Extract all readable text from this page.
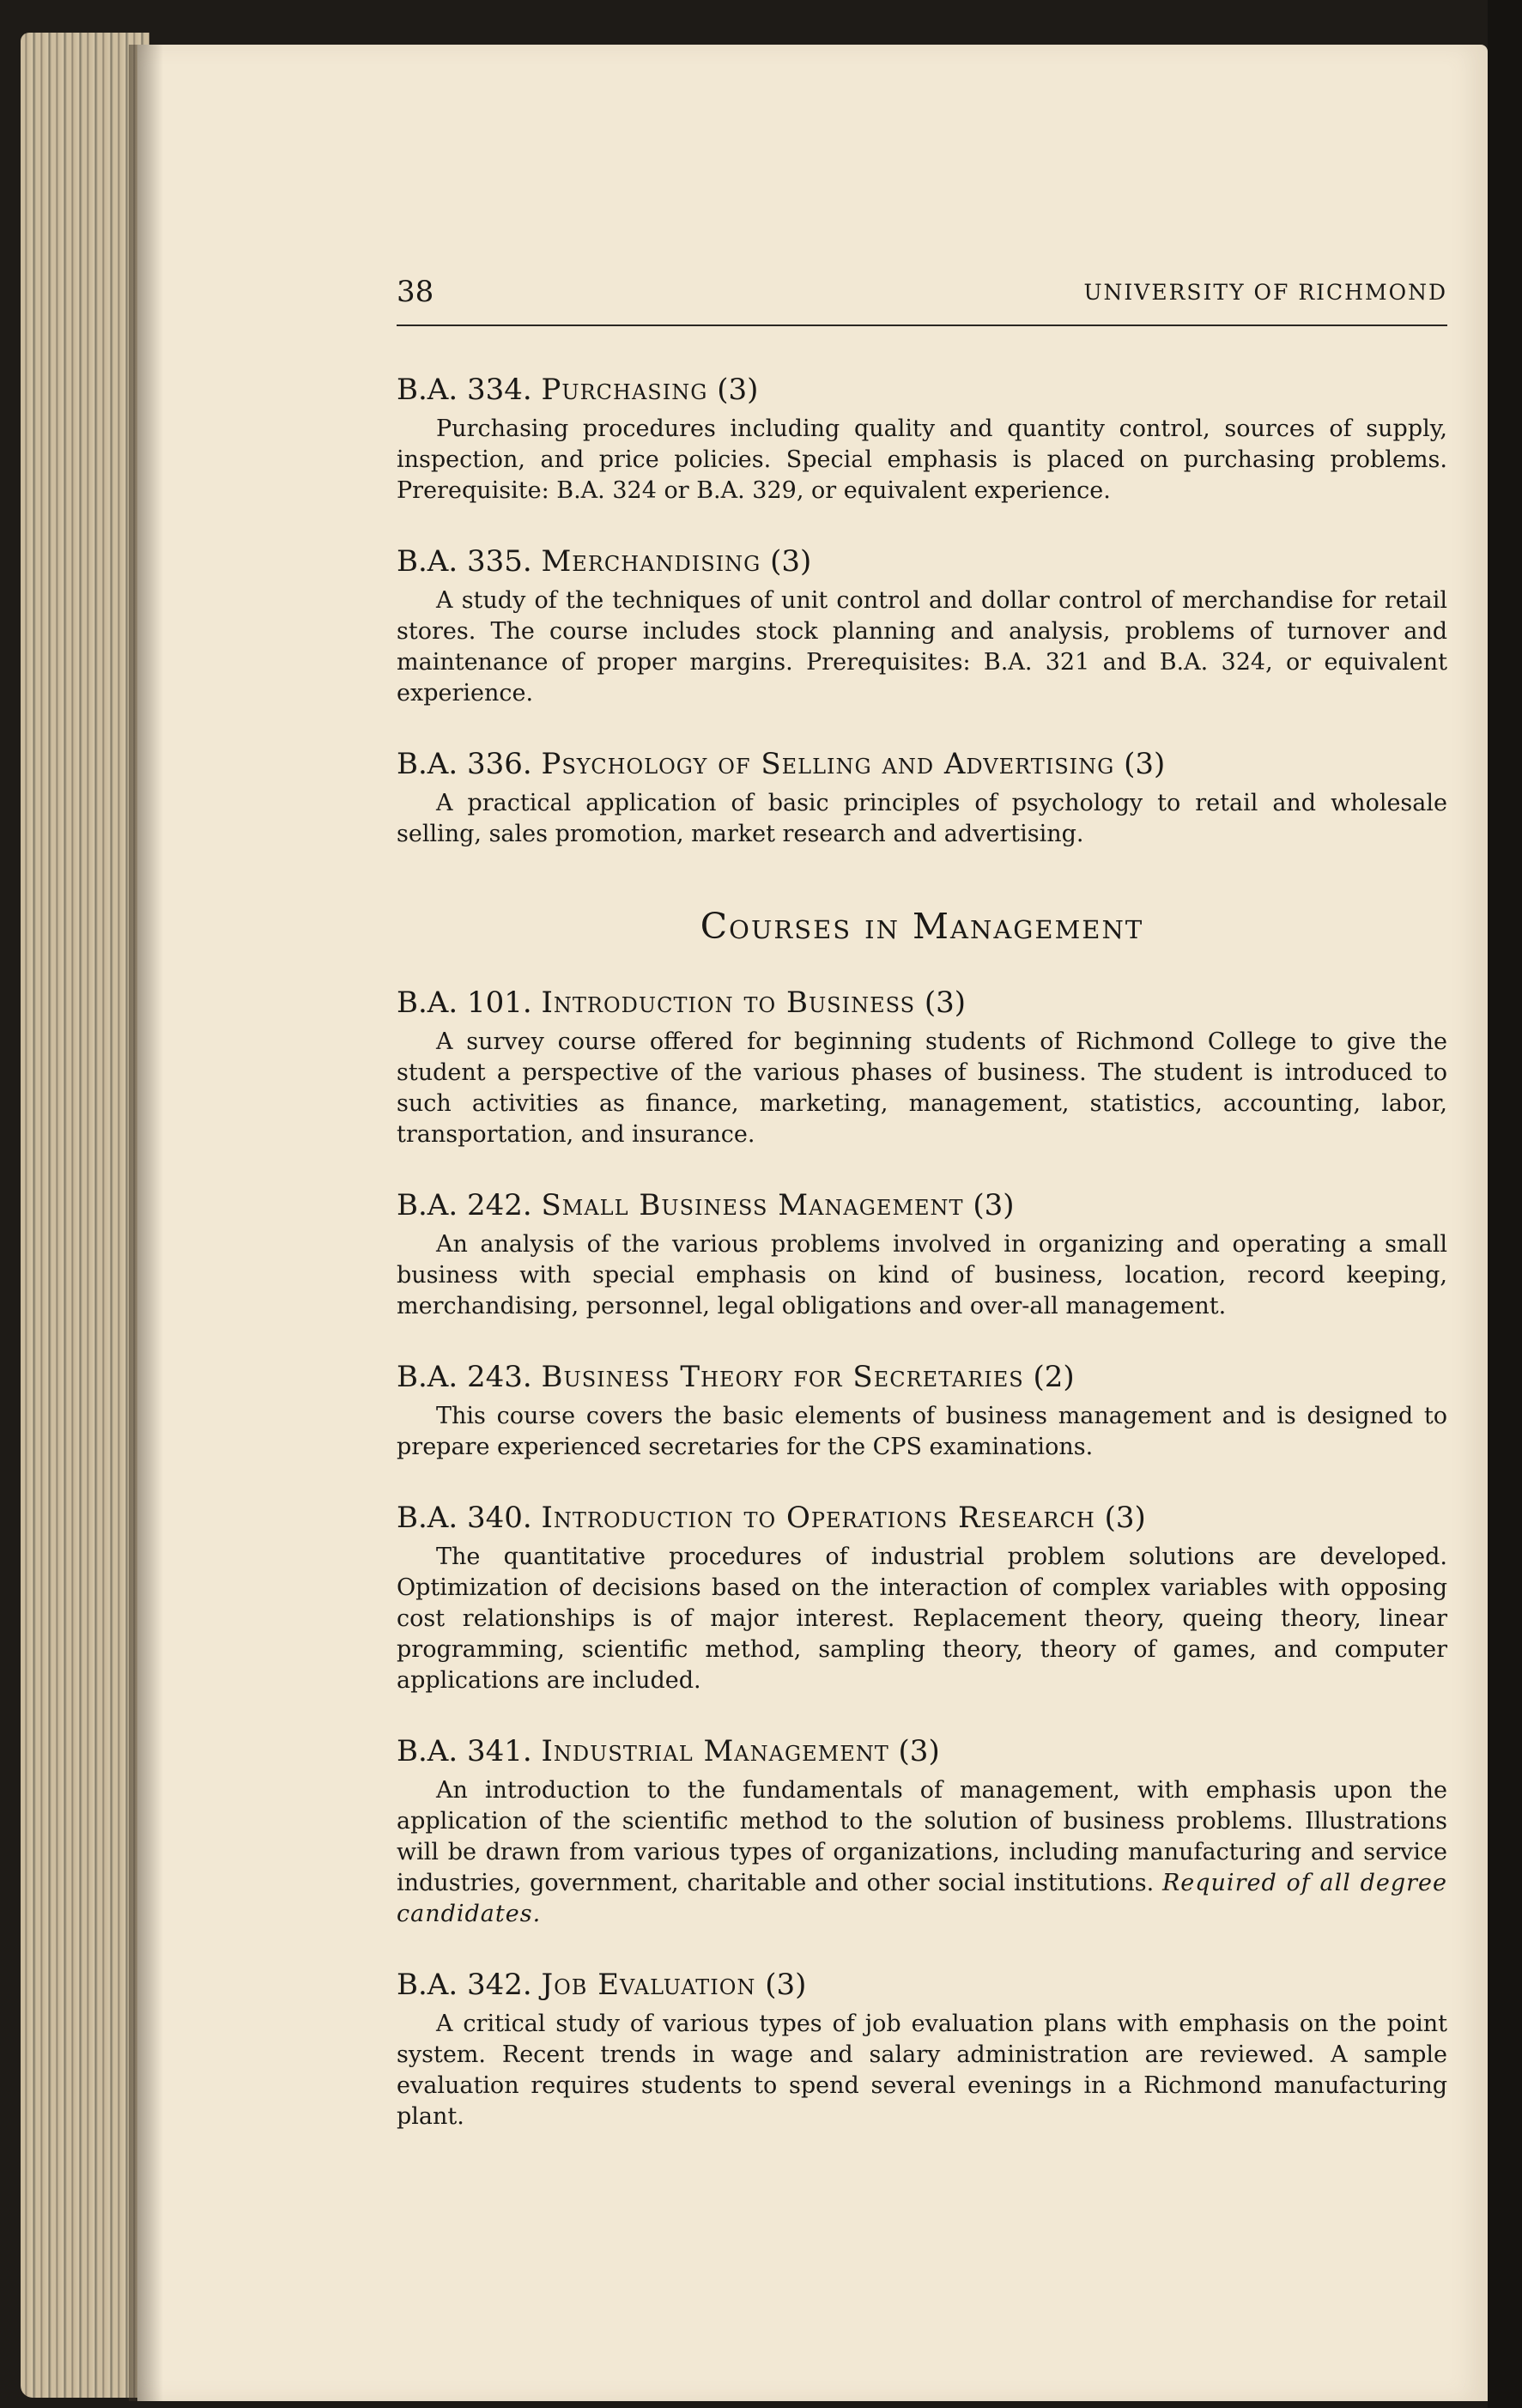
38	UNIVERSITY OF RICHMOND
B.A. 334. Purchasing (3)

Purchasing procedures including quality and quantity control, sources of supply, inspection, and price policies. Special emphasis is placed on purchasing problems. Prerequisite: B.A. 324 or B.A. 329, or equivalent experience.

B.A. 335. Merchandising (3)

A study of the techniques of unit control and dollar control of merchandise for retail stores. The course includes stock planning and analysis, problems of turnover and maintenance of proper margins. Prerequisites: B.A. 321 and B.A. 324, or equivalent experience.

B.A. 336. Psychology of Selling and Advertising (3)

A practical application of basic principles of psychology to retail and wholesale selling, sales promotion, market research and advertising.

Courses in Management
B.A. 101. Introduction to Business (3)

A survey course offered for beginning students of Richmond College to give the student a perspective of the various phases of business. The student is introduced to such activities as finance, marketing, management, statistics, accounting, labor, transportation, and insurance.

B.A. 242. Small Business Management (3)

An analysis of the various problems involved in organizing and operating a small business with special emphasis on kind of business, location, record keeping, merchandising, personnel, legal obligations and over-all management.

B.A. 243. Business Theory for Secretaries (2)

This course covers the basic elements of business management and is designed to prepare experienced secretaries for the CPS examinations.

B.A. 340. Introduction to Operations Research (3)

The quantitative procedures of industrial problem solutions are developed. Optimization of decisions based on the interaction of complex variables with opposing cost relationships is of major interest. Replacement theory, queing theory, linear programming, scientific method, sampling theory, theory of games, and computer applications are included.

B.A. 341. Industrial Management (3)

An introduction to the fundamentals of management, with emphasis upon the application of the scientific method to the solution of business problems. Illustrations will be drawn from various types of organizations, including manufacturing and service industries, government, charitable and other social institutions. Required of all degree candidates.

B.A. 342. Job Evaluation (3)

A critical study of various types of job evaluation plans with emphasis on the point system. Recent trends in wage and salary administration are reviewed. A sample evaluation requires students to spend several evenings in a Richmond manufacturing plant.
